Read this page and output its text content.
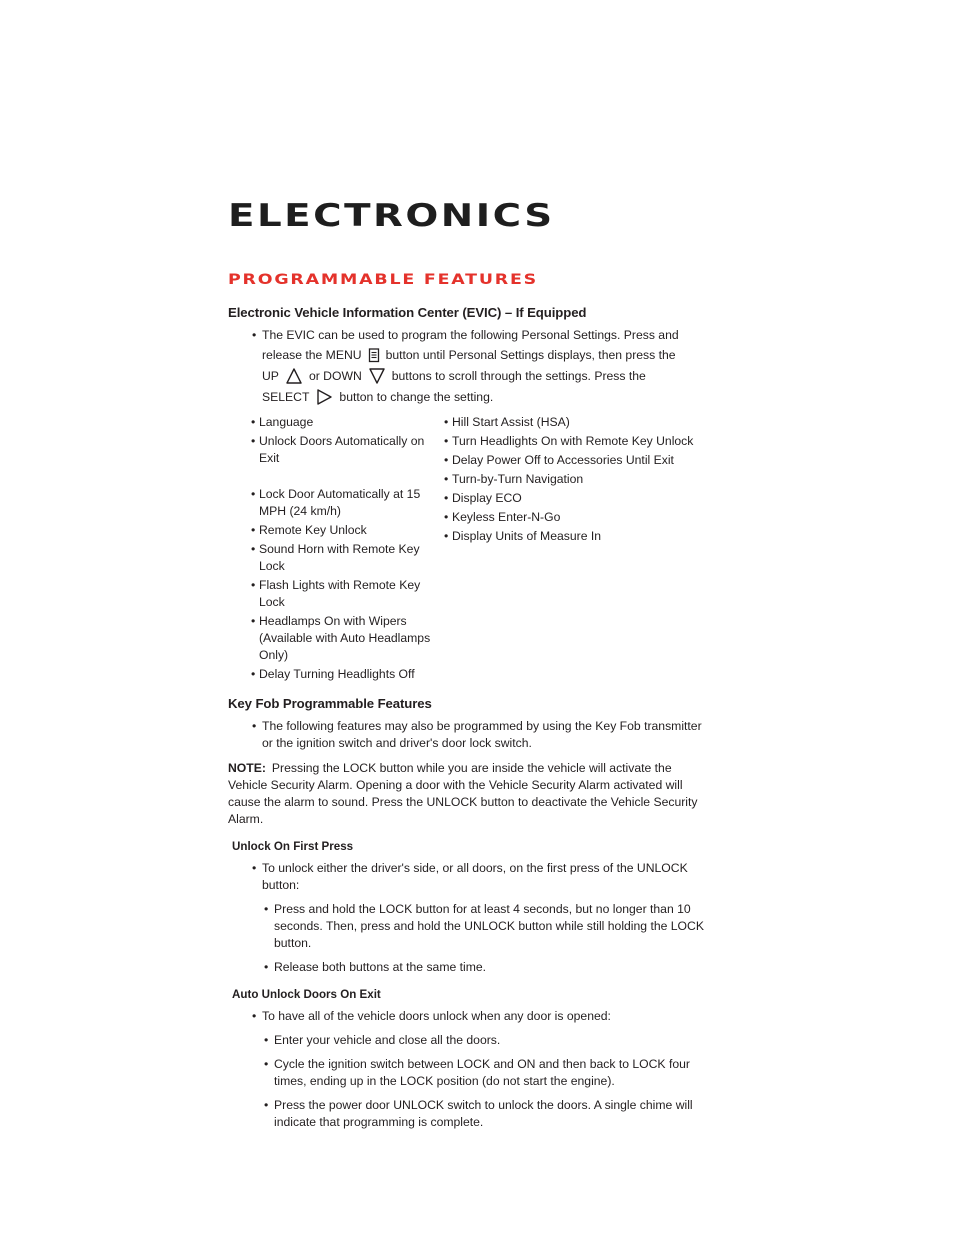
ELECTRONICS
PROGRAMMABLE FEATURES
Electronic Vehicle Information Center (EVIC) – If Equipped
• The EVIC can be used to program the following Personal Settings. Press and
release the MENU button until Personal Settings displays, then press the
UP or DOWN buttons to scroll through the settings. Press the
SELECT button to change the setting.
• Language
• Unlock Doors Automatically on Exit
• Lock Door Automatically at 15 MPH (24 km/h)
• Remote Key Unlock
• Sound Horn with Remote Key Lock
• Flash Lights with Remote Key Lock
• Headlamps On with Wipers (Available with Auto Headlamps Only)
• Delay Turning Headlights Off
• Hill Start Assist (HSA)
• Turn Headlights On with Remote Key Unlock
• Delay Power Off to Accessories Until Exit
• Turn-by-Turn Navigation
• Display ECO
• Keyless Enter-N-Go
• Display Units of Measure In
Key Fob Programmable Features
• The following features may also be programmed by using the Key Fob transmitter or the ignition switch and driver's door lock switch.
NOTE: Pressing the LOCK button while you are inside the vehicle will activate the Vehicle Security Alarm. Opening a door with the Vehicle Security Alarm activated will cause the alarm to sound. Press the UNLOCK button to deactivate the Vehicle Security Alarm.
Unlock On First Press
• To unlock either the driver's side, or all doors, on the first press of the UNLOCK button:
• Press and hold the LOCK button for at least 4 seconds, but no longer than 10 seconds. Then, press and hold the UNLOCK button while still holding the LOCK button.
• Release both buttons at the same time.
Auto Unlock Doors On Exit
• To have all of the vehicle doors unlock when any door is opened:
• Enter your vehicle and close all the doors.
• Cycle the ignition switch between LOCK and ON and then back to LOCK four times, ending up in the LOCK position (do not start the engine).
• Press the power door UNLOCK switch to unlock the doors. A single chime will indicate that programming is complete.
